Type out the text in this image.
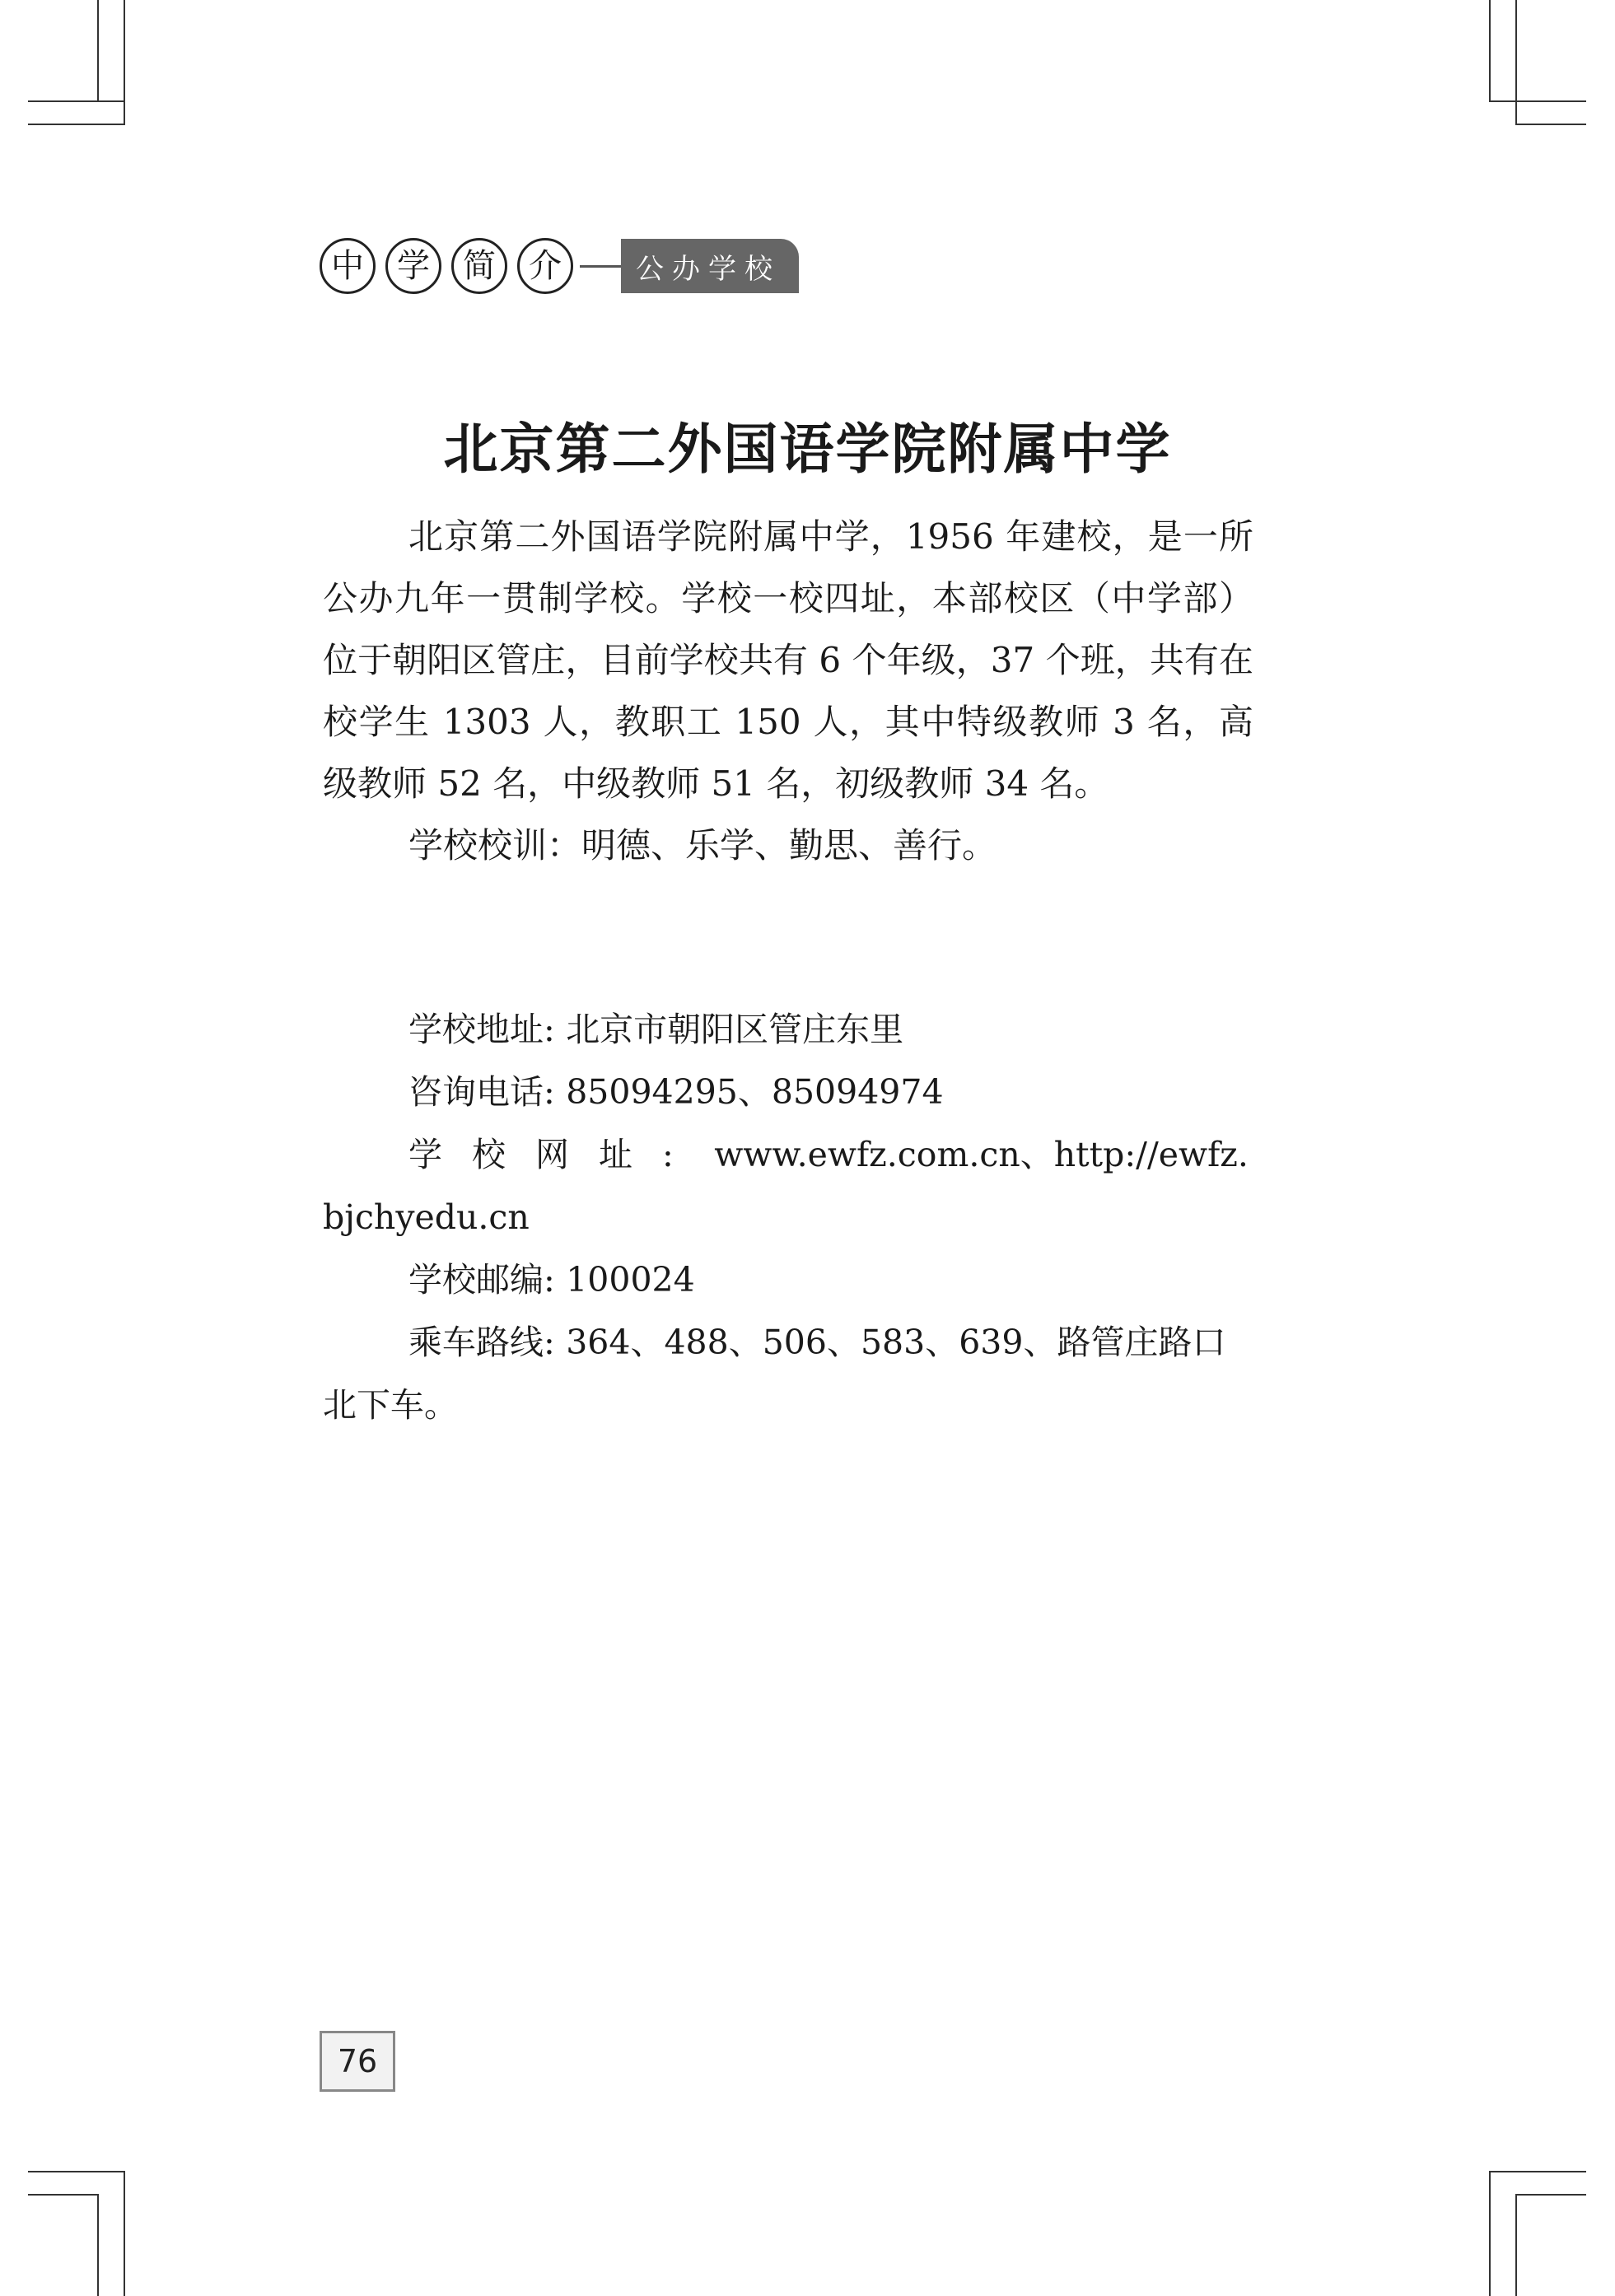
中	学	简	介	公办学校
北京第二外国语学院附属中学

北京第二外国语学院附属中学，1956 年建校，是一所公办九年一贯制学校。学校一校四址，本部校区（中学部）位于朝阳区管庄，目前学校共有 6 个年级，37 个班，共有在校学生 1303 人，教职工 150 人，其中特级教师 3 名，高级教师 52 名，中级教师 51 名，初级教师 34 名。

学校校训：明德、乐学、勤思、善行。

学校地址: 北京市朝阳区管庄东里

咨询电话: 85094295、85094974

学校网址: www.ewfz.com.cn、http://ewfz.bjchyedu.cn

学校邮编: 100024

乘车路线: 364、488、506、583、639、路管庄路口北下车。

76
